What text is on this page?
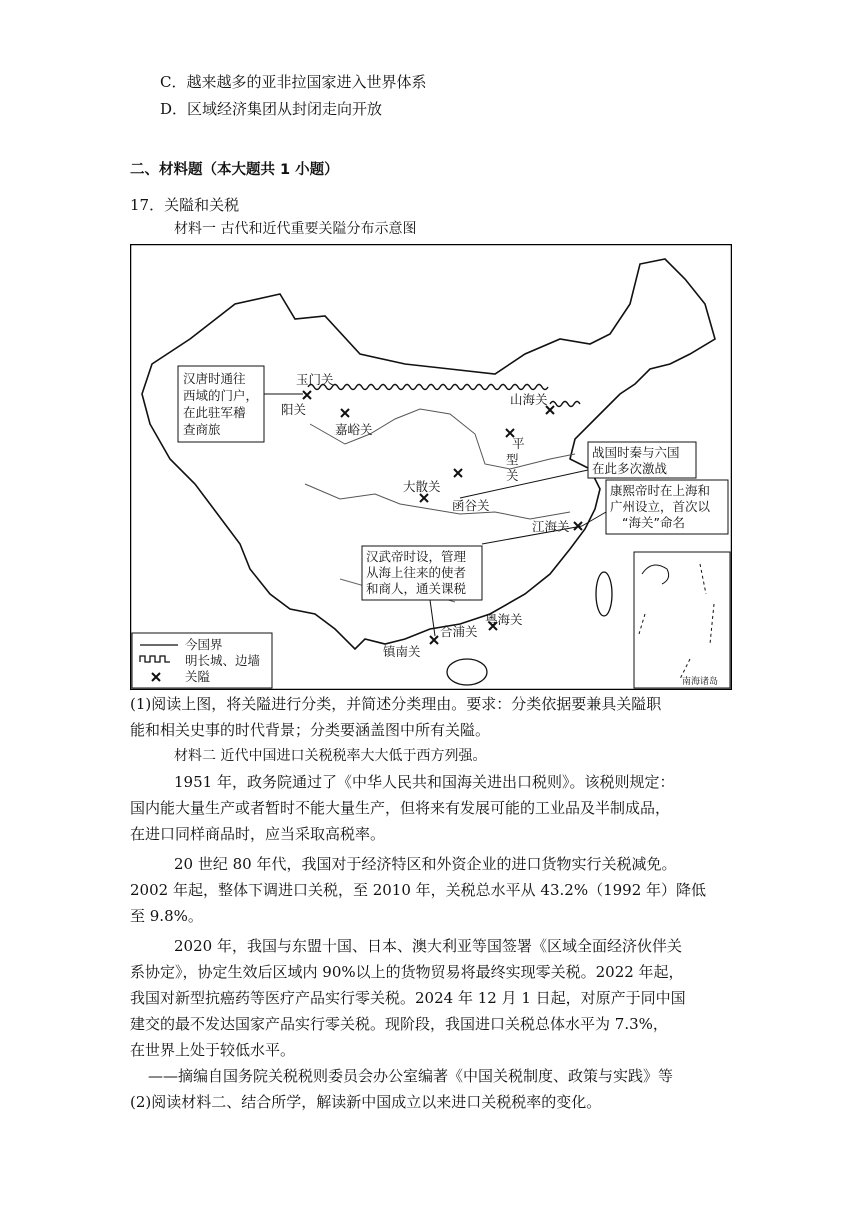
C．越来越多的亚非拉国家进入世界体系
D．区域经济集团从封闭走向开放
二、材料题（本大题共 1 小题）
17．关隘和关税
材料一 古代和近代重要关隘分布示意图
玉门关
阳关
嘉峪关
山海关
平
型
关
大散关
函谷关
江海关
粤海关
合浦关
镇南关
汉唐时通往
西域的门户，
在此驻军稽
查商旅
战国时秦与六国
在此多次激战
康熙帝时在上海和
广州设立，首次以
“海关”命名
汉武帝时设，管理
从海上往来的使者
和商人，通关课税
今国界
明长城、边墙
关隘	南海诸岛
(1)阅读上图，将关隘进行分类，并简述分类理由。要求：分类依据要兼具关隘职
能和相关史事的时代背景；分类要涵盖图中所有关隘。
材料二 近代中国进口关税税率大大低于西方列强。
1951 年，政务院通过了《中华人民共和国海关进出口税则》。该税则规定：
国内能大量生产或者暂时不能大量生产，但将来有发展可能的工业品及半制成品，
在进口同样商品时，应当采取高税率。
20 世纪 80 年代，我国对于经济特区和外资企业的进口货物实行关税减免。
2002 年起，整体下调进口关税，至 2010 年，关税总水平从 43.2%（1992 年）降低
至 9.8%。
2020 年，我国与东盟十国、日本、澳大利亚等国签署《区域全面经济伙伴关
系协定》，协定生效后区域内 90%以上的货物贸易将最终实现零关税。2022 年起，
我国对新型抗癌药等医疗产品实行零关税。2024 年 12 月 1 日起，对原产于同中国
建交的最不发达国家产品实行零关税。现阶段，我国进口关税总体水平为 7.3%，
在世界上处于较低水平。
——摘编自国务院关税税则委员会办公室编著《中国关税制度、政策与实践》等
(2)阅读材料二、结合所学，解读新中国成立以来进口关税税率的变化。
